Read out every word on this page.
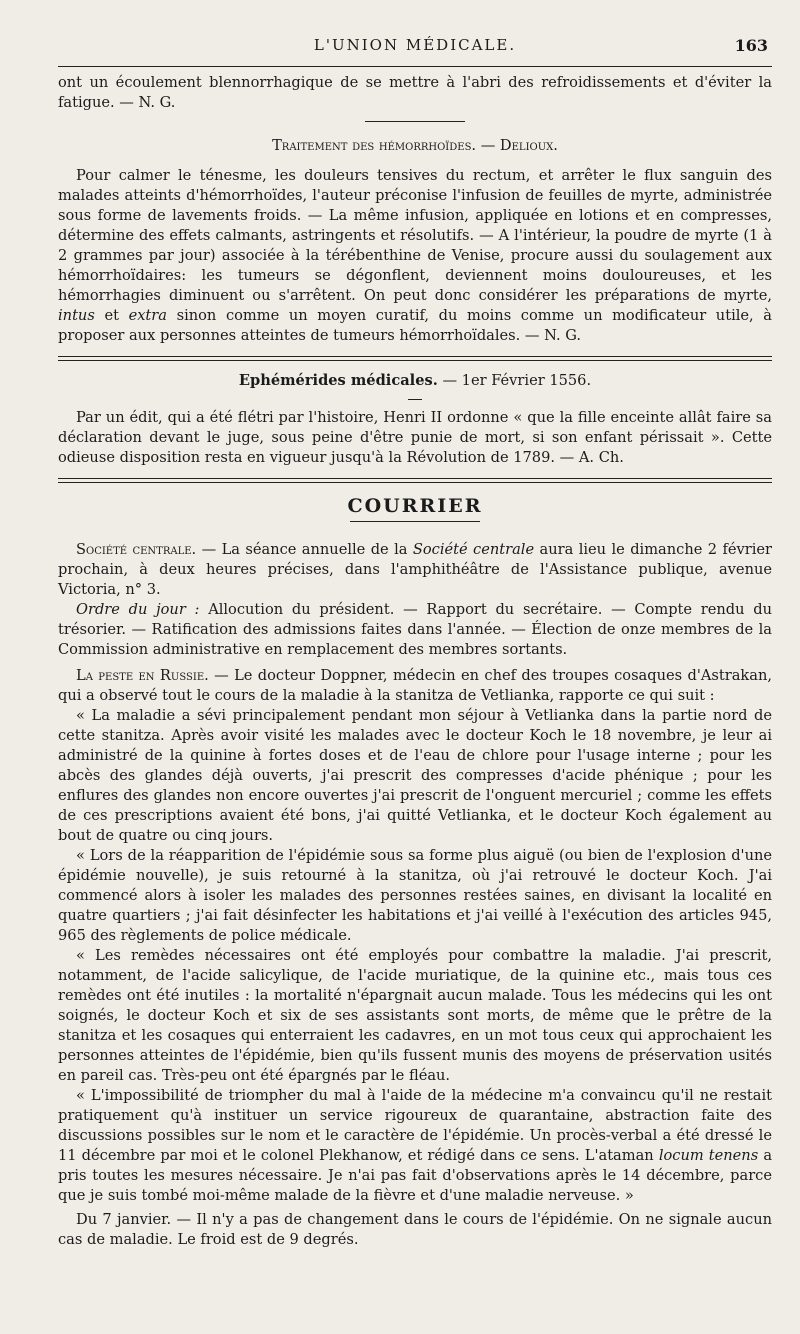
L'UNION MÉDICALE.	163

ont un écoulement blennorrhagique de se mettre à l'abri des refroidissements et d'éviter la fatigue. — N. G.

Traitement des hémorrhoïdes. — Delioux.

Pour calmer le ténesme, les douleurs tensives du rectum, et arrêter le flux sanguin des malades atteints d'hémorrhoïdes, l'auteur préconise l'infusion de feuilles de myrte, administrée sous forme de lavements froids. — La même infusion, appliquée en lotions et en compresses, détermine des effets calmants, astringents et résolutifs. — A l'intérieur, la poudre de myrte (1 à 2 grammes par jour) associée à la térébenthine de Venise, procure aussi du soulagement aux hémorrhoïdaires: les tumeurs se dégonflent, deviennent moins douloureuses, et les hémorrhagies diminuent ou s'arrêtent. On peut donc considérer les préparations de myrte, intus et extra sinon comme un moyen curatif, du moins comme un modificateur utile, à proposer aux personnes atteintes de tumeurs hémorrhoïdales. — N. G.

Ephémérides médicales. — 1er Février 1556.

Par un édit, qui a été flétri par l'histoire, Henri II ordonne « que la fille enceinte allât faire sa déclaration devant le juge, sous peine d'être punie de mort, si son enfant périssait ». Cette odieuse disposition resta en vigueur jusqu'à la Révolution de 1789. — A. Ch.

COURRIER

Société centrale. — La séance annuelle de la Société centrale aura lieu le dimanche 2 février prochain, à deux heures précises, dans l'amphithéâtre de l'Assistance publique, avenue Victoria, n° 3.

Ordre du jour : Allocution du président. — Rapport du secrétaire. — Compte rendu du trésorier. — Ratification des admissions faites dans l'année. — Élection de onze membres de la Commission administrative en remplacement des membres sortants.

La peste en Russie. — Le docteur Doppner, médecin en chef des troupes cosaques d'Astrakan, qui a observé tout le cours de la maladie à la stanitza de Vetlianka, rapporte ce qui suit :

« La maladie a sévi principalement pendant mon séjour à Vetlianka dans la partie nord de cette stanitza. Après avoir visité les malades avec le docteur Koch le 18 novembre, je leur ai administré de la quinine à fortes doses et de l'eau de chlore pour l'usage interne ; pour les abcès des glandes déjà ouverts, j'ai prescrit des compresses d'acide phénique ; pour les enflures des glandes non encore ouvertes j'ai prescrit de l'onguent mercuriel ; comme les effets de ces prescriptions avaient été bons, j'ai quitté Vetlianka, et le docteur Koch également au bout de quatre ou cinq jours.

« Lors de la réapparition de l'épidémie sous sa forme plus aiguë (ou bien de l'explosion d'une épidémie nouvelle), je suis retourné à la stanitza, où j'ai retrouvé le docteur Koch. J'ai commencé alors à isoler les malades des personnes restées saines, en divisant la localité en quatre quartiers ; j'ai fait désinfecter les habitations et j'ai veillé à l'exécution des articles 945, 965 des règlements de police médicale.

« Les remèdes nécessaires ont été employés pour combattre la maladie. J'ai prescrit, notamment, de l'acide salicylique, de l'acide muriatique, de la quinine etc., mais tous ces remèdes ont été inutiles : la mortalité n'épargnait aucun malade. Tous les médecins qui les ont soignés, le docteur Koch et six de ses assistants sont morts, de même que le prêtre de la stanitza et les cosaques qui enterraient les cadavres, en un mot tous ceux qui approchaient les personnes atteintes de l'épidémie, bien qu'ils fussent munis des moyens de préservation usités en pareil cas. Très-peu ont été épargnés par le fléau.

« L'impossibilité de triompher du mal à l'aide de la médecine m'a convaincu qu'il ne restait pratiquement qu'à instituer un service rigoureux de quarantaine, abstraction faite des discussions possibles sur le nom et le caractère de l'épidémie. Un procès-verbal a été dressé le 11 décembre par moi et le colonel Plekhanow, et rédigé dans ce sens. L'ataman locum tenens a pris toutes les mesures nécessaire. Je n'ai pas fait d'observations après le 14 décembre, parce que je suis tombé moi-même malade de la fièvre et d'une maladie nerveuse. »

Du 7 janvier. — Il n'y a pas de changement dans le cours de l'épidémie. On ne signale aucun cas de maladie. Le froid est de 9 degrés.
